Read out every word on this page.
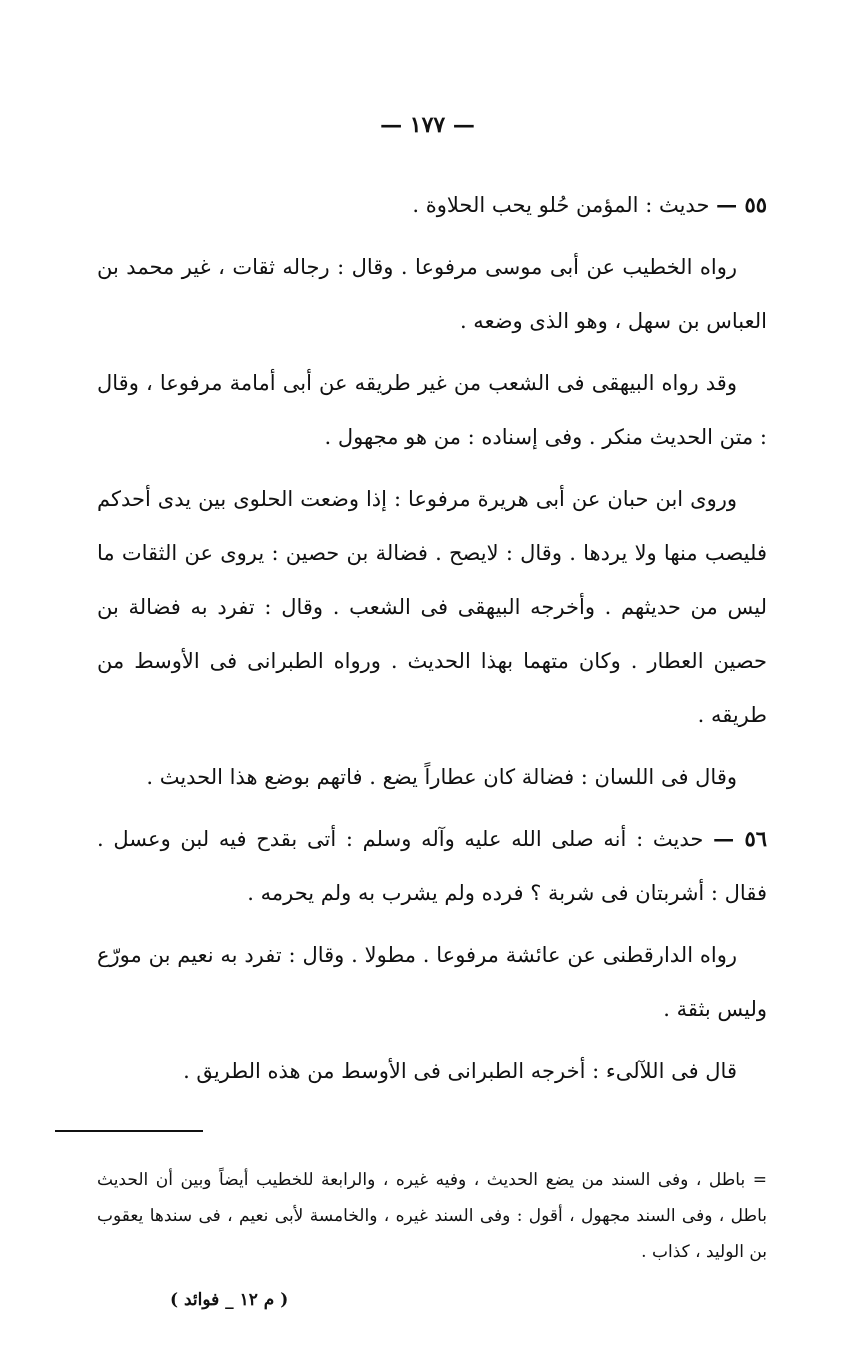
— ١٧٧ —

٥٥ — حديث : المؤمن حُلو يحب الحلاوة .

رواه الخطيب عن أبى موسى مرفوعا . وقال : رجاله ثقات ، غير محمد بن العباس بن سهل ، وهو الذى وضعه .

وقد رواه البيهقى فى الشعب من غير طريقه عن أبى أمامة مرفوعا ، وقال : متن الحديث منكر . وفى إسناده : من هو مجهول .

وروى ابن حبان عن أبى هريرة مرفوعا : إذا وضعت الحلوى بين يدى أحدكم فليصب منها ولا يردها . وقال : لايصح . فضالة بن حصين : يروى عن الثقات ما ليس من حديثهم . وأخرجه البيهقى فى الشعب . وقال : تفرد به فضالة بن حصين العطار . وكان متهما بهذا الحديث . ورواه الطبرانى فى الأوسط من طريقه .

وقال فى اللسان : فضالة كان عطاراً يضع . فاتهم بوضع هذا الحديث .

٥٦ — حديث : أنه صلى الله عليه وآله وسلم : أتى بقدح فيه لبن وعسل . فقال : أشربتان فى شربة ؟ فرده ولم يشرب به ولم يحرمه .

رواه الدارقطنى عن عائشة مرفوعا . مطولا . وقال : تفرد به نعيم بن مورّع وليس بثقة .

قال فى اللآلىء : أخرجه الطبرانى فى الأوسط من هذه الطريق .

= باطل ، وفى السند من يضع الحديث ، وفيه غيره ، والرابعة للخطيب أيضاً وبين أن الحديث باطل ، وفى السند مجهول ، أقول : وفى السند غيره ، والخامسة لأبى نعيم ، فى سندها يعقوب بن الوليد ، كذاب .

( م ١٢ _ فوائد )
